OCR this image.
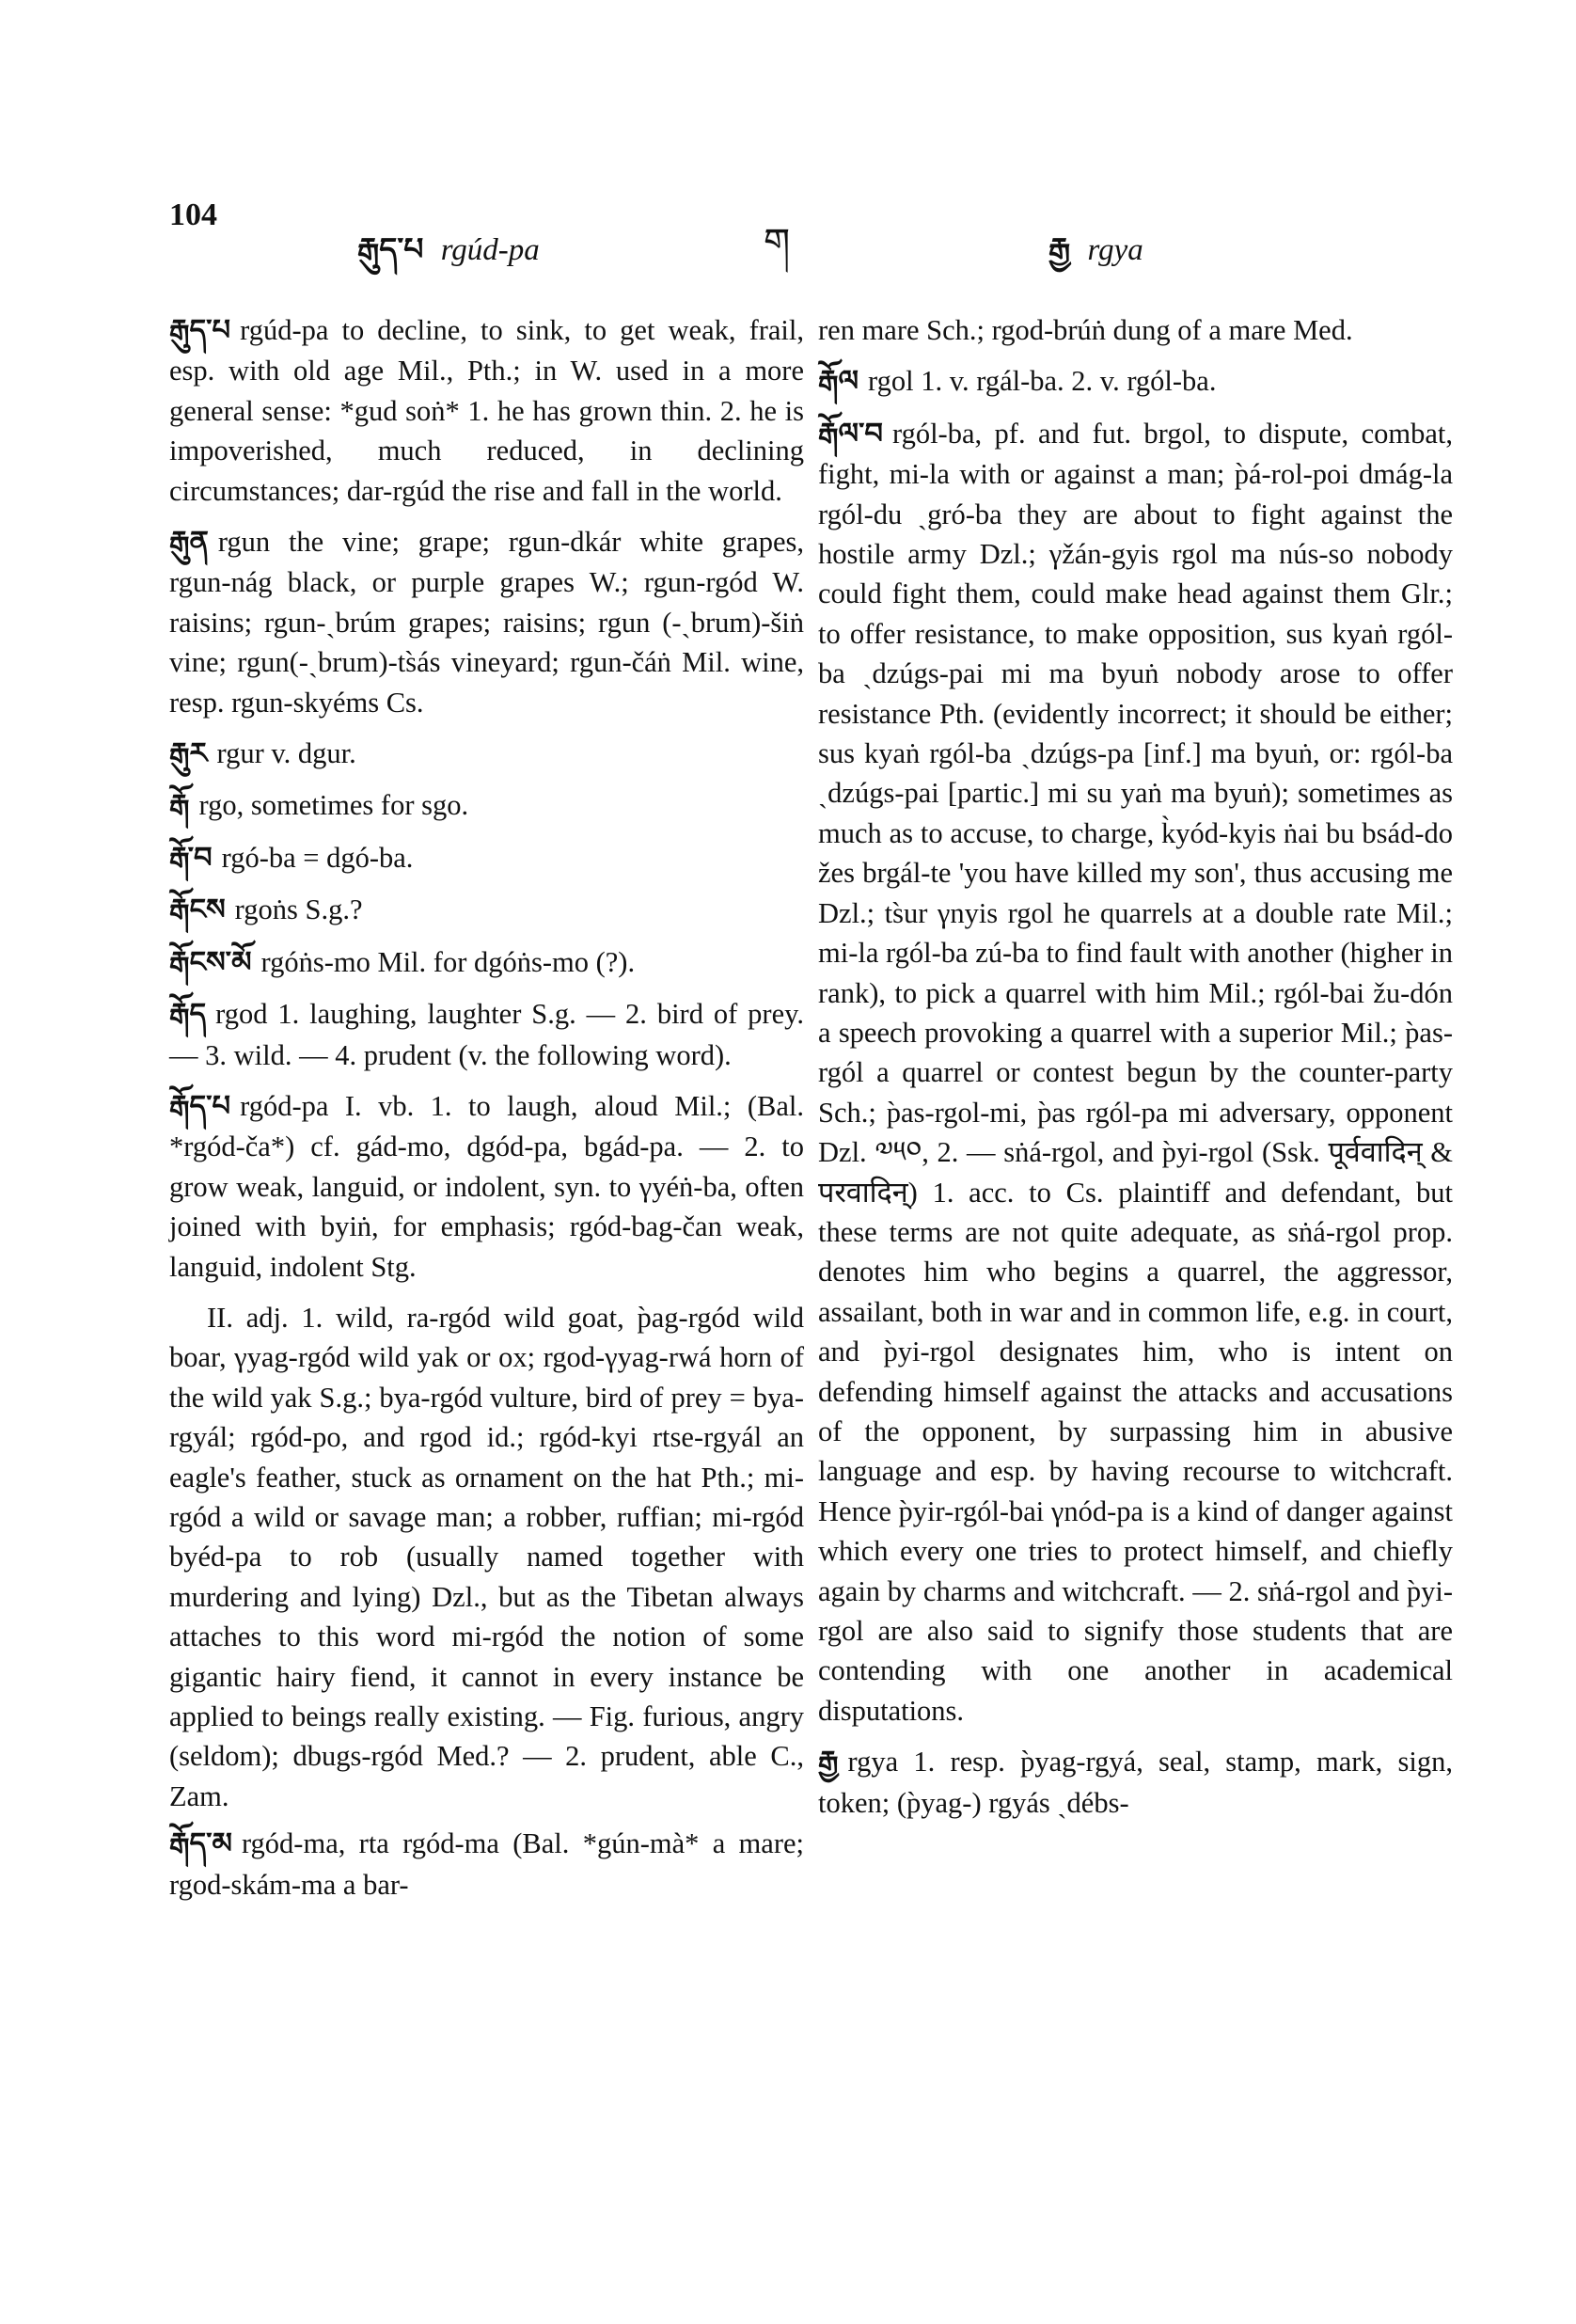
104
རྒུད་པ rgúd-pa	ག	རྒྱ rgya

རྒུད་པ rgúd-pa to decline, to sink, to get weak, frail, esp. with old age Mil., Pth.; in W. used in a more general sense: *gud soṅ* 1. he has grown thin. 2. he is impoverished, much reduced, in declining circumstances; dar-rgúd the rise and fall in the world.

རྒུན rgun the vine; grape; rgun-dkár white grapes, rgun-nág black, or purple grapes W.; rgun-rgód W. raisins; rgun-ˏbrúm grapes; raisins; rgun (-ˏbrum)-šiṅ vine; rgun(-ˏbrum)-ts̀ás vineyard; rgun-čáṅ Mil. wine, resp. rgun-skyéms Cs.

རྒུར rgur v. dgur.

རྒོ rgo, sometimes for sgo.

རྒོ་བ rgó-ba = dgó-ba.

རྒོངས rgoṅs S.g.?

རྒོངས་མོ rgóṅs-mo Mil. for dgóṅs-mo (?).

རྒོད rgod 1. laughing, laughter S.g. — 2. bird of prey. — 3. wild. — 4. prudent (v. the following word).

རྒོད་པ rgód-pa I. vb. 1. to laugh, aloud Mil.; (Bal. *rgód-ča*) cf. gád-mo, dgód-pa, bgád-pa. — 2. to grow weak, languid, or indolent, syn. to γyéṅ-ba, often joined with byiṅ, for emphasis; rgód-bag-čan weak, languid, indolent Stg.

II. adj. 1. wild, ra-rgód wild goat, p̀ag-rgód wild boar, γyag-rgód wild yak or ox; rgod-γyag-rwá horn of the wild yak S.g.; bya-rgód vulture, bird of prey = bya-rgyál; rgód-po, and rgod id.; rgód-kyi rtse-rgyál an eagle's feather, stuck as ornament on the hat Pth.; mi-rgód a wild or savage man; a robber, ruffian; mi-rgód byéd-pa to rob (usually named together with murdering and lying) Dzl., but as the Tibetan always attaches to this word mi-rgód the notion of some gigantic hairy fiend, it cannot in every instance be applied to beings really existing. — Fig. furious, angry (seldom); dbugs-rgód Med.? — 2. prudent, able C., Zam.

རྒོད་མ rgód-ma, rta rgód-ma (Bal. *gún-mà* a mare; rgod-skám-ma a bar-

ren mare Sch.; rgod-brúṅ dung of a mare Med.

རྒོལ rgol 1. v. rgál-ba. 2. v. rgól-ba.

རྒོལ་བ rgól-ba, pf. and fut. brgol, to dispute, combat, fight, mi-la with or against a man; p̀á-rol-poi dmág-la rgól-du ˏgró-ba they are about to fight against the hostile army Dzl.; γžán-gyis rgol ma nús-so nobody could fight them, could make head against them Glr.; to offer resistance, to make opposition, sus kyaṅ rgól-ba ˏdzúgs-pai mi ma byuṅ nobody arose to offer resistance Pth. (evidently incorrect; it should be either; sus kyaṅ rgól-ba ˏdzúgs-pa [inf.] ma byuṅ, or: rgól-ba ˏdzúgs-pai [partic.] mi su yaṅ ma byuṅ); sometimes as much as to accuse, to charge, k̀yód-kyis ṅai bu bsád-do žes brgál-te 'you have killed my son', thus accusing me Dzl.; ts̀ur γnyis rgol he quarrels at a double rate Mil.; mi-la rgól-ba zú-ba to find fault with another (higher in rank), to pick a quarrel with him Mil.; rgól-bai žu-dón a speech provoking a quarrel with a superior Mil.; p̀as-rgól a quarrel or contest begun by the counter-party Sch.; p̀as-rgol-mi, p̀as rgól-pa mi adversary, opponent Dzl. ༧༥༠, 2. — sṅá-rgol, and p̀yi-rgol (Ssk. पूर्ववादिन् & परवादिन्) 1. acc. to Cs. plaintiff and defendant, but these terms are not quite adequate, as sṅá-rgol prop. denotes him who begins a quarrel, the aggressor, assailant, both in war and in common life, e.g. in court, and p̀yi-rgol designates him, who is intent on defending himself against the attacks and accusations of the opponent, by surpassing him in abusive language and esp. by having recourse to witchcraft. Hence p̀yir-rgól-bai γnód-pa is a kind of danger against which every one tries to protect himself, and chiefly again by charms and witchcraft. — 2. sṅá-rgol and p̀yi-rgol are also said to signify those students that are contending with one another in academical disputations.

རྒྱ rgya 1. resp. p̀yag-rgyá, seal, stamp, mark, sign, token; (p̀yag-) rgyás ˏdébs-
